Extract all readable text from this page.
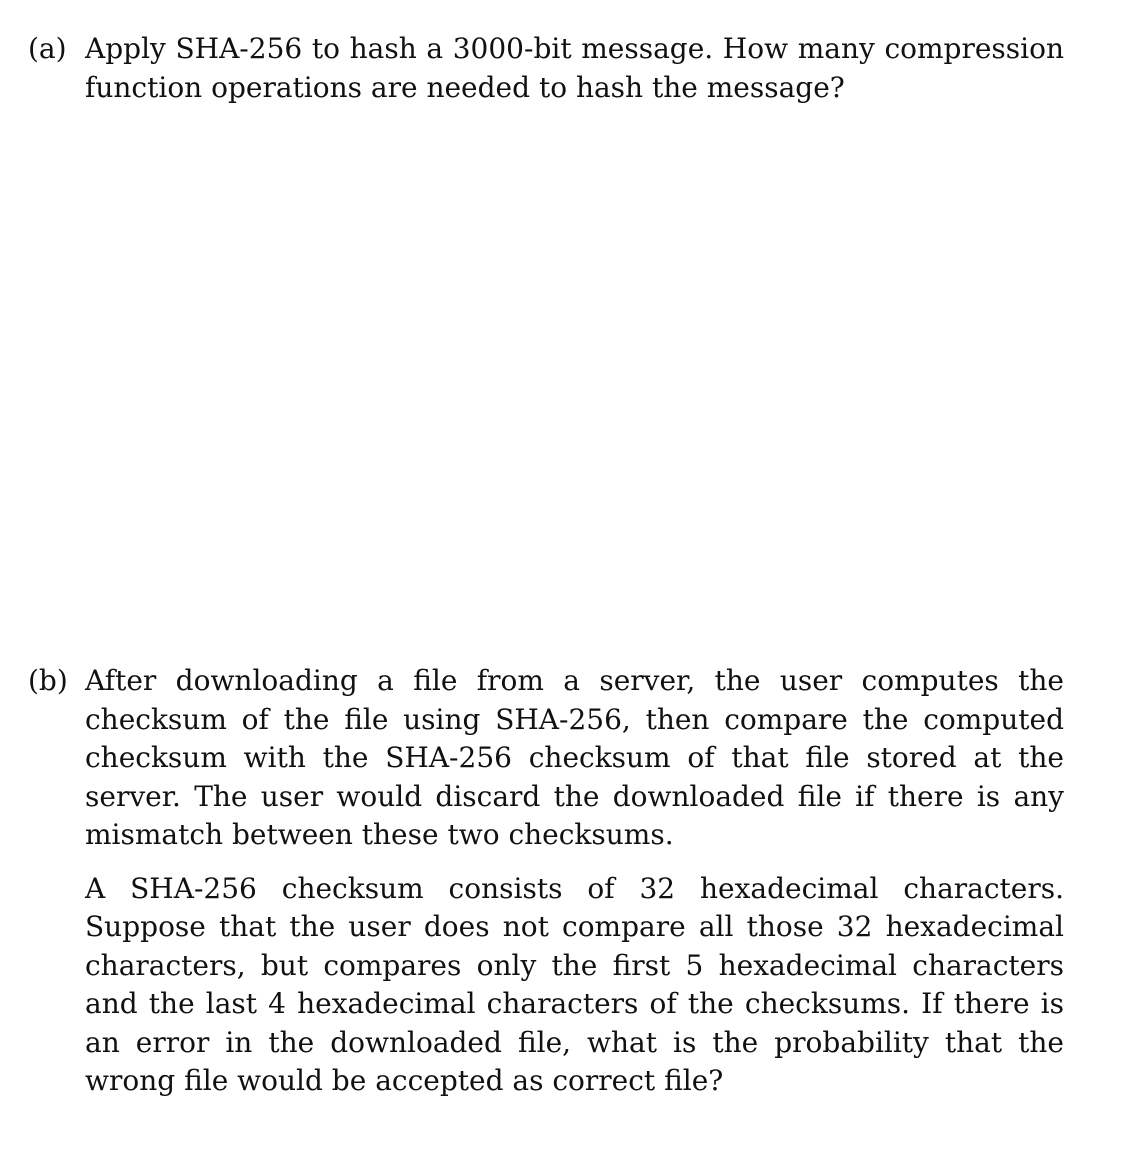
(a) Apply SHA-256 to hash a 3000-bit message. How many compression function operations are needed to hash the message?

(b) After downloading a file from a server, the user computes the checksum of the file using SHA-256, then compare the computed checksum with the SHA-256 checksum of that file stored at the server. The user would discard the downloaded file if there is any mismatch between these two checksums.

A SHA-256 checksum consists of 32 hexadecimal characters. Suppose that the user does not compare all those 32 hexadecimal characters, but compares only the first 5 hexadecimal characters and the last 4 hexadecimal characters of the checksums. If there is an error in the downloaded file, what is the probability that the wrong file would be accepted as correct file?
